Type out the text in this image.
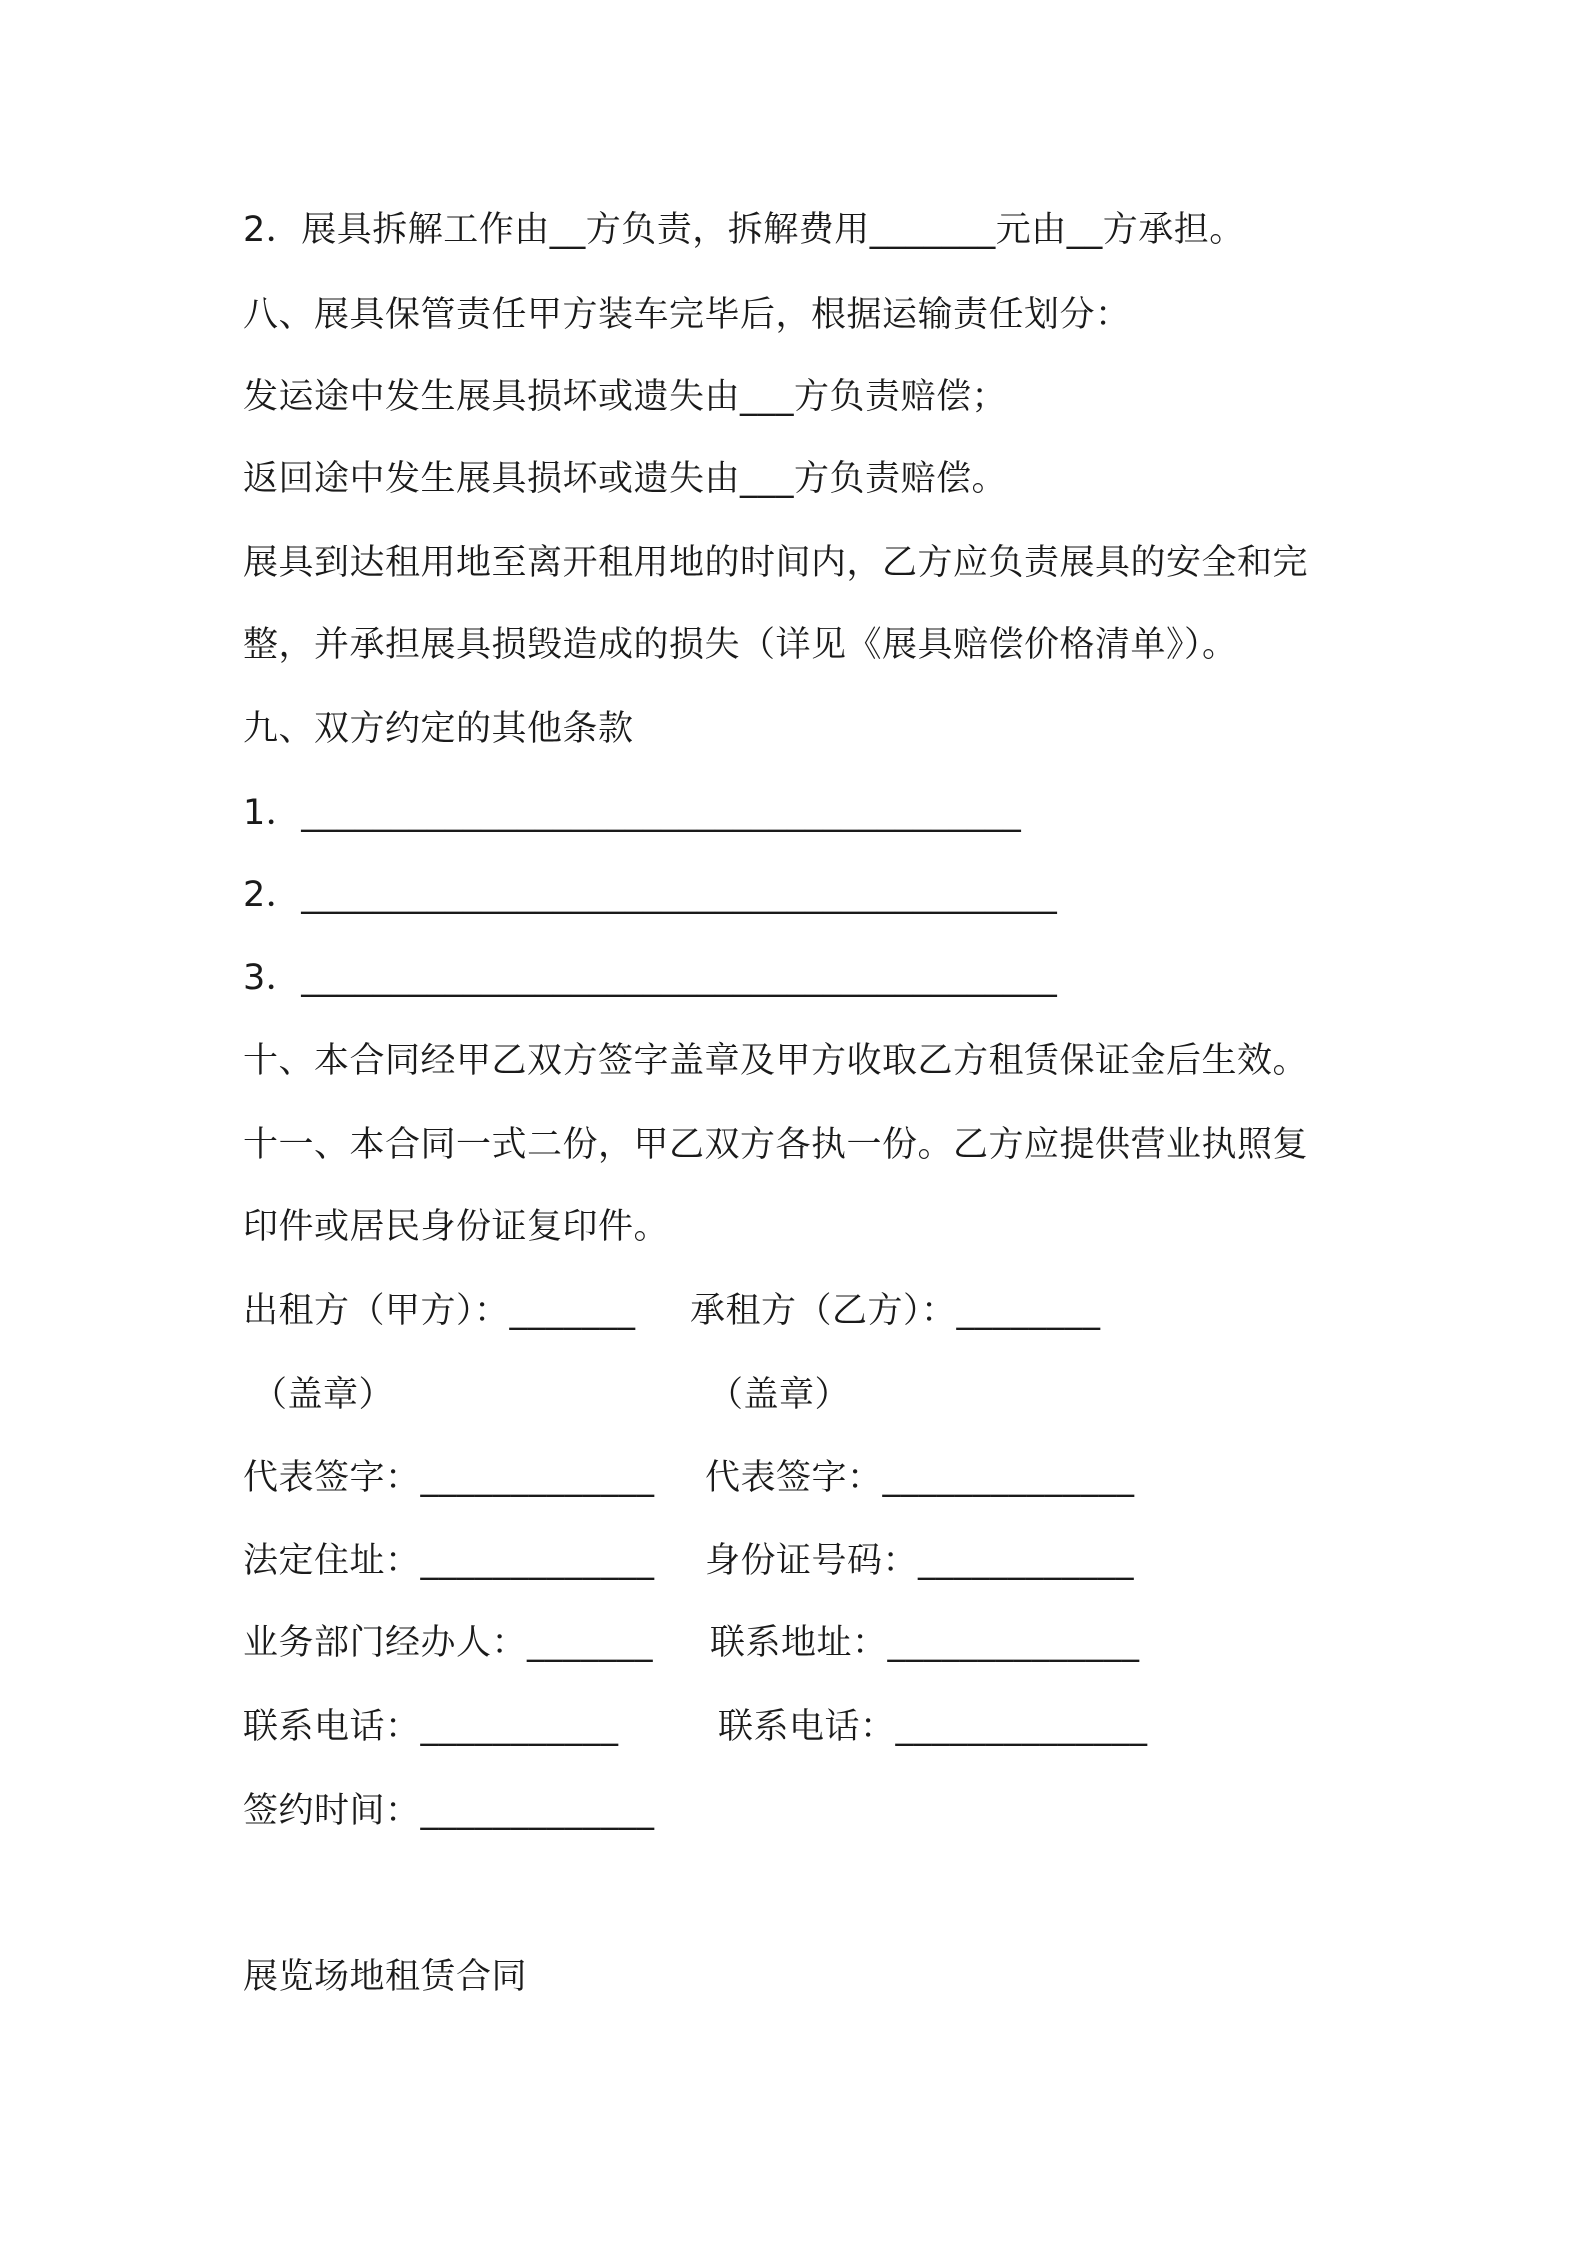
2．展具拆解工作由__方负责，拆解费用_______元由__方承担。
八、展具保管责任甲方装车完毕后，根据运输责任划分：
发运途中发生展具损坏或遗失由___方负责赔偿；
返回途中发生展具损坏或遗失由___方负责赔偿。
展具到达租用地至离开租用地的时间内，乙方应负责展具的安全和完
整，并承担展具损毁造成的损失（详见《展具赔偿价格清单》）。
九、双方约定的其他条款
1．________________________________________
2．__________________________________________
3．__________________________________________
十、本合同经甲乙双方签字盖章及甲方收取乙方租赁保证金后生效。
十一、本合同一式二份，甲乙双方各执一份。乙方应提供营业执照复
印件或居民身份证复印件。
出租方（甲方）：_______ 承租方（乙方）：________
（盖章）	（盖章）
代表签字：_____________ 代表签字：______________
法定住址：_____________ 身份证号码：____________
业务部门经办人：_______ 联系地址：______________
联系电话：___________	联系电话：______________
签约时间：_____________
展览场地租赁合同
